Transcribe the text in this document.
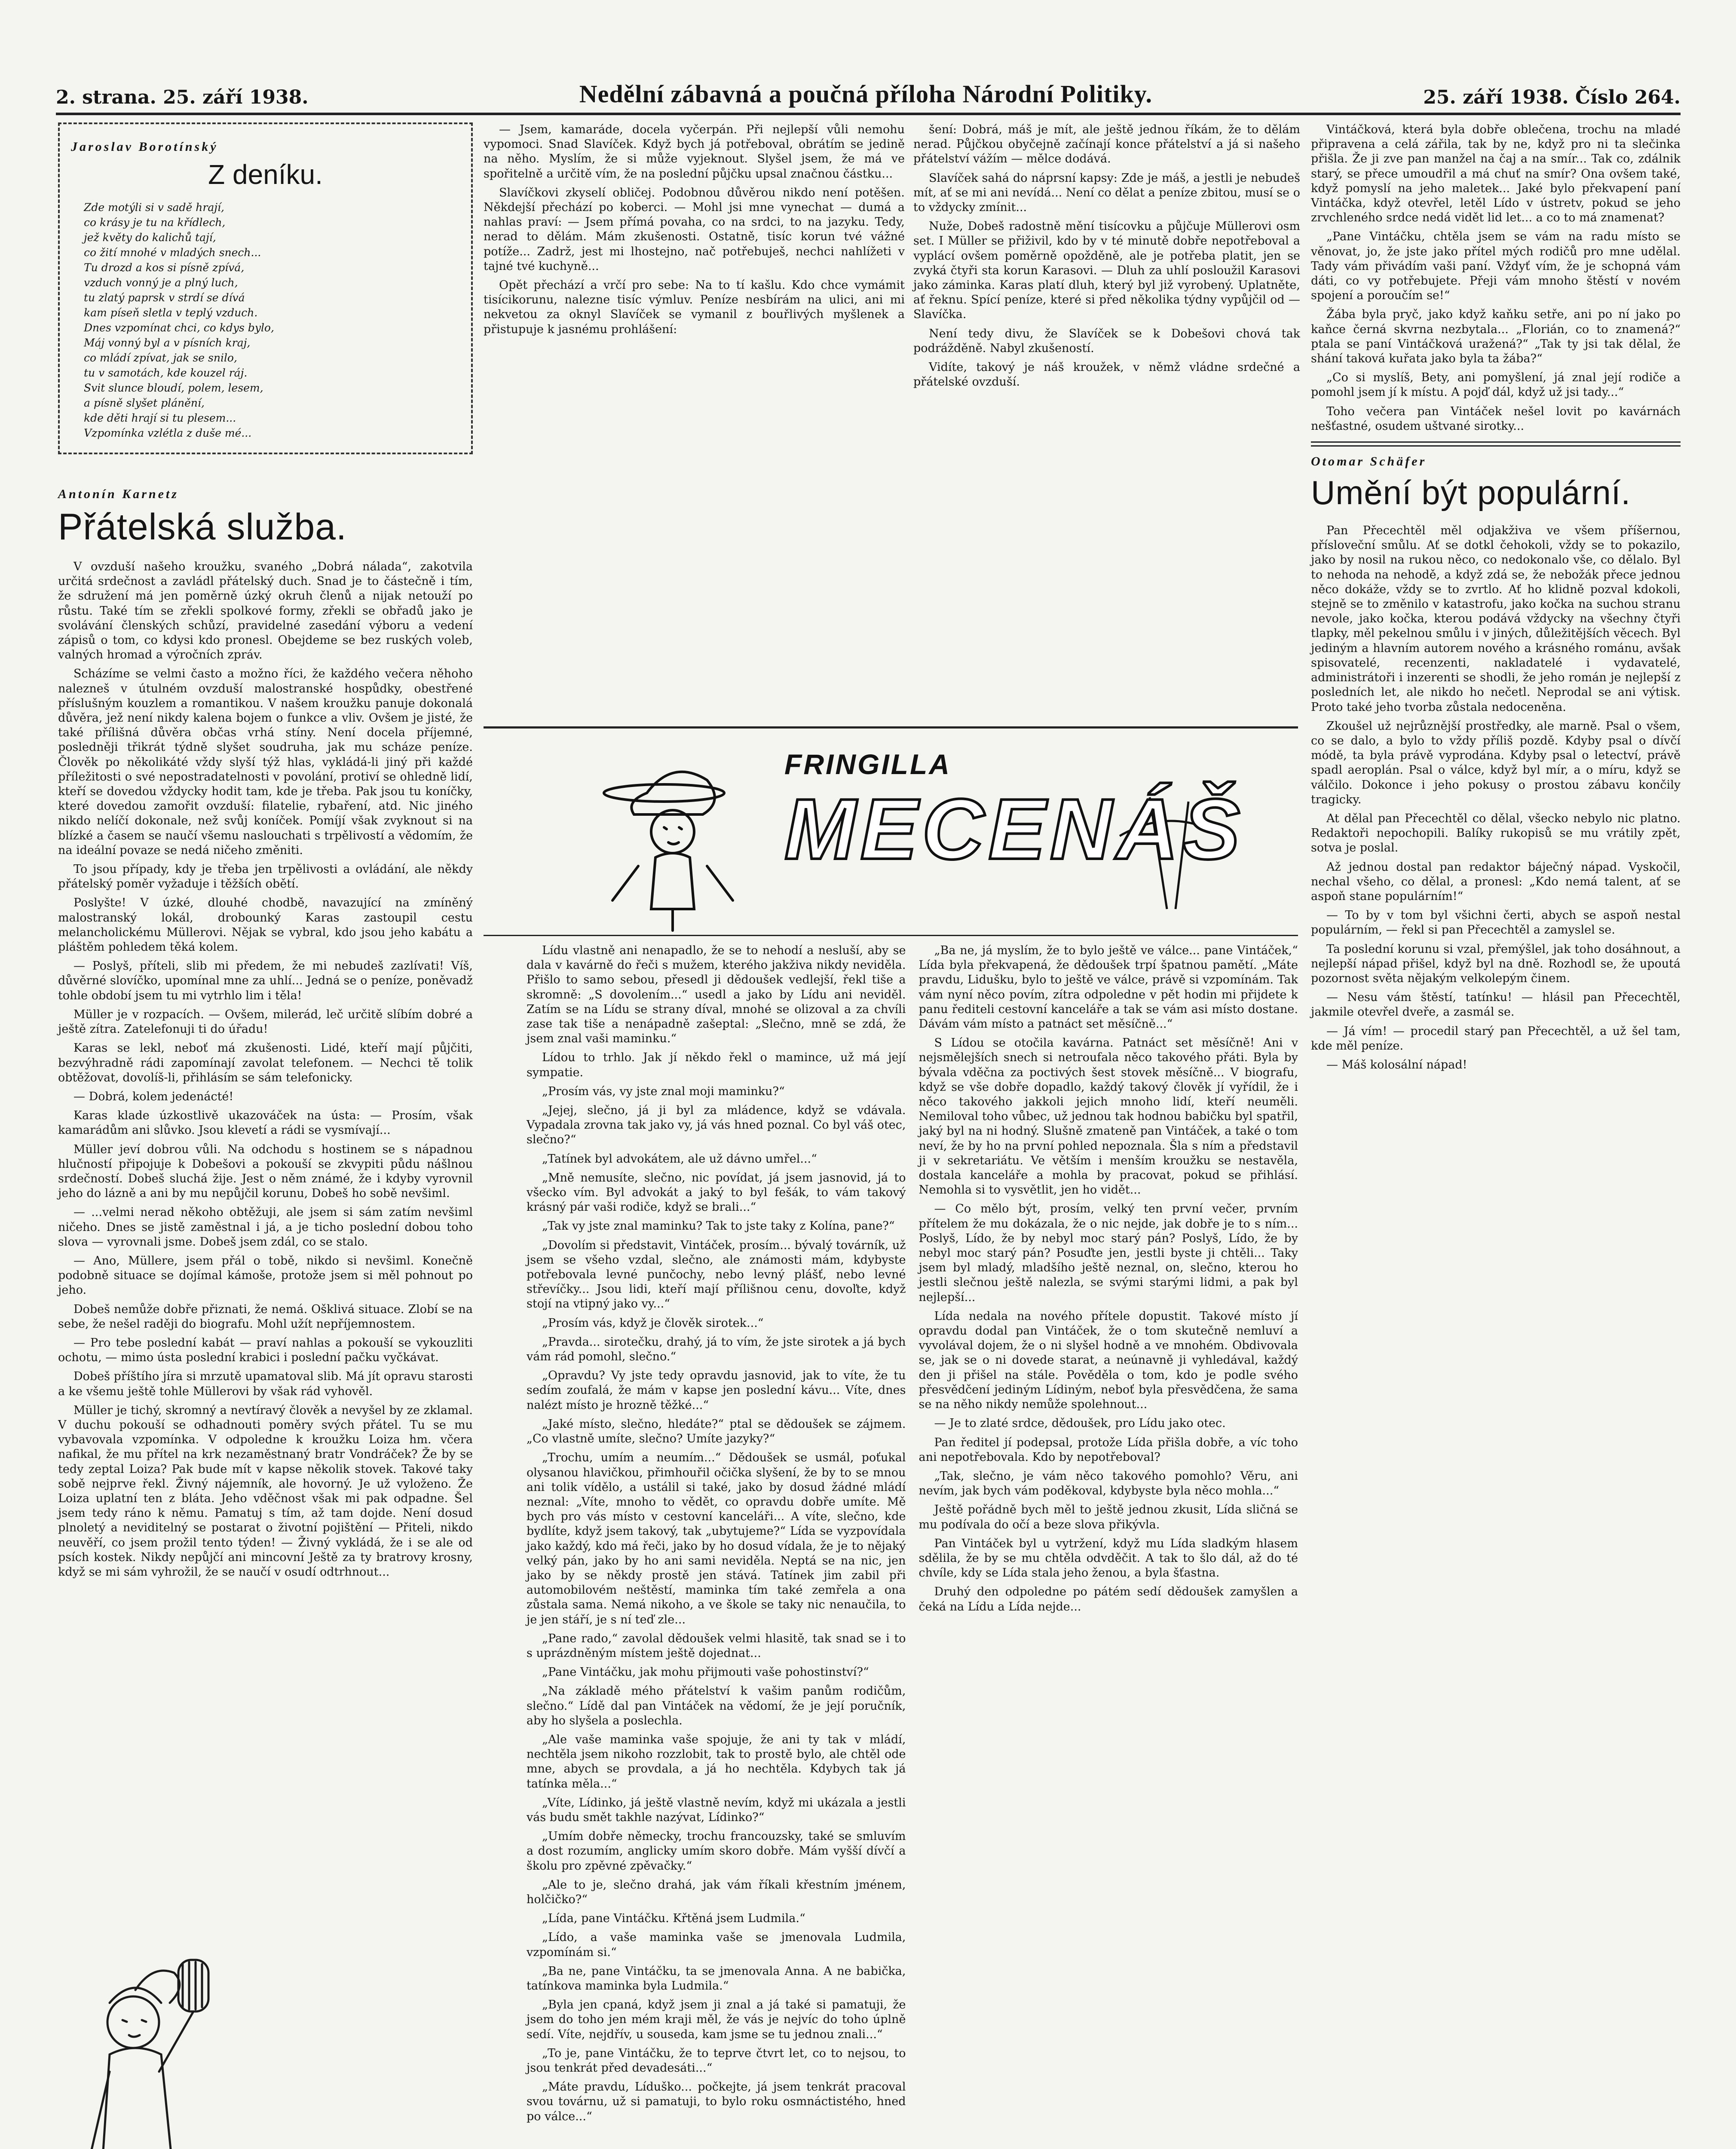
2. strana. 25. září 1938.	Nedělní zábavná a poučná příloha Národní Politiky.	25. září 1938. Číslo 264.
Jaroslav Borotínský
Z deníku.
Zde motýli si v sadě hrají,
co krásy je tu na křídlech,
jež květy do kalichů tají,
co žití mnohé v mladých snech...
Tu drozd a kos si písně zpívá,
vzduch vonný je a plný luch,
tu zlatý paprsk v strdí se dívá
kam píseň sletla v teplý vzduch.
Dnes vzpomínat chci, co kdys bylo,
Máj vonný byl a v písních kraj,
co mládí zpívat, jak se snilo,
tu v samotách, kde kouzel ráj.
Svit slunce bloudí, polem, lesem,
a písně slyšet plánění,
kde děti hrají si tu plesem...
Vzpomínka vzlétla z duše mé...
Antonín Karnetz
Přátelská služba.

V ovzduší našeho kroužku, svaného „Dobrá nálada“, zakotvila určitá srdečnost a zavládl přátelský duch. Snad je to částečně i tím, že sdružení má jen poměrně úzký okruh členů a nijak netouží po růstu. Také tím se zřekli spolkové formy, zřekli se obřadů jako je svolávání členských schůzí, pravidelné zasedání výboru a vedení zápisů o tom, co kdysi kdo pronesl. Obejdeme se bez ruských voleb, valných hromad a výročních zpráv.

Scházíme se velmi často a možno říci, že každého večera něhoho nalezneš v útulném ovzduší malostranské hospůdky, obestřené příslušným kouzlem a romantikou. V našem kroužku panuje dokonalá důvěra, jež není nikdy kalena bojem o funkce a vliv. Ovšem je jisté, že také přílišná důvěra občas vrhá stíny. Není docela příjemné, posledněji třikrát týdně slyšet soudruha, jak mu scháze peníze. Člověk po několikáté vždy slyší týž hlas, vykládá-li jiný při každé příležitosti o své nepostradatelnosti v povolání, protiví se ohledně lidí, kteří se dovedou vždycky hodit tam, kde je třeba. Pak jsou tu koníčky, které dovedou zamořit ovzduší: filatelie, rybaření, atd. Nic jiného nikdo nelíčí dokonale, než svůj koníček. Pomíjí však zvyknout si na blízké a časem se naučí všemu naslouchati s trpělivostí a vědomím, že na ideální povaze se nedá ničeho změniti.

To jsou případy, kdy je třeba jen trpělivosti a ovládání, ale někdy přátelský poměr vyžaduje i těžších obětí.

Poslyšte! V úzké, dlouhé chodbě, navazující na zmíněný malostranský lokál, drobounký Karas zastoupil cestu melancholickému Müllerovi. Nějak se vybral, kdo jsou jeho kabátu a pláštěm pohledem těká kolem.

— Poslyš, příteli, slib mi předem, že mi nebudeš zazlívati! Víš, důvěrné slovíčko, upomínal mne za uhlí... Jedná se o peníze, poněvadž tohle období jsem tu mi vytrhlo lim i těla!

Müller je v rozpacích. — Ovšem, milerád, leč určitě slíbím dobré a ještě zítra. Zatelefonuji ti do úřadu!

Karas se lekl, neboť má zkušenosti. Lidé, kteří mají půjčiti, bezvýhradně rádi zapomínají zavolat telefonem. — Nechci tě tolik obtěžovat, dovolíš-li, přihlásím se sám telefonicky.

— Dobrá, kolem jedenácté!

Karas klade úzkostlivě ukazováček na ústa: — Prosím, však kamarádům ani slůvko. Jsou klevetí a rádi se vysmívají...

Müller jeví dobrou vůli. Na odchodu s hostinem se s nápadnou hlučností připojuje k Dobešovi a pokouší se zkvypiti půdu nášlnou srdečností. Dobeš sluchá žije. Jest o něm známé, že i kdyby vyrovnil jeho do lázně a ani by mu nepůjčil korunu, Dobeš ho sobě nevšiml.

— ...velmi nerad někoho obtěžuji, ale jsem si sám zatím nevšiml ničeho. Dnes se jistě zaměstnal i já, a je ticho poslední dobou toho slova — vyrovnali jsme. Dobeš jsem zdál, co se stalo.

— Ano, Müllere, jsem přál o tobě, nikdo si nevšiml. Konečně podobně situace se dojímal kámoše, protože jsem si měl pohnout po jeho.

Dobeš nemůže dobře přiznati, že nemá. Ošklivá situace. Zlobí se na sebe, že nešel raději do biografu. Mohl užít nepříjemnostem.

— Pro tebe poslední kabát — praví nahlas a pokouší se vykouzliti ochotu, — mimo ústa poslední krabici i poslední pačku vyčkávat.

Dobeš příštího jíra si mrzutě upamatoval slib. Má jít opravu starosti a ke všemu ještě tohle Müllerovi by však rád vyhověl.

Müller je tichý, skromný a nevtíravý člověk a nevyšel by ze zklamal. V duchu pokouší se odhadnouti poměry svých přátel. Tu se mu vybavovala vzpomínka. V odpoledne k kroužku Loiza hm. včera nafikal, že mu přítel na krk nezaměstnaný bratr Vondráček? Že by se tedy zeptal Loiza? Pak bude mít v kapse několik stovek. Takové taky sobě nejprve řekl. Živný nájemník, ale hovorný. Je už vyloženo. Že Loiza uplatní ten z bláta. Jeho vděčnost však mi pak odpadne. Šel jsem tedy ráno k němu. Pamatuj s tím, až tam dojde. Není dosud plnoletý a neviditelný se postarat o životní pojištění — Přiteli, nikdo neuvěří, co jsem prožil tento týden! — Živný vykládá, že i se ale od psích kostek. Nikdy nepůjčí ani mincovní Ještě za ty bratrovy krosny, když se mi sám vyhrožil, že se naučí v osudí odtrhnout...

— Jsem, kamaráde, docela vyčerpán. Při nejlepší vůli nemohu vypomoci. Snad Slavíček. Když bych já potřeboval, obrátím se jedině na něho. Myslím, že si může vyjeknout. Slyšel jsem, že má ve spořitelně a určitě vím, že na poslední půjčku upsal značnou částku...

Slavíčkovi zkyselí obličej. Podobnou důvěrou nikdo není potěšen. Někdejší přechází po koberci. — Mohl jsi mne vynechat — dumá a nahlas praví: — Jsem přímá povaha, co na srdci, to na jazyku. Tedy, nerad to dělám. Mám zkušenosti. Ostatně, tisíc korun tvé vážné potíže... Zadrž, jest mi lhostejno, nač potřebuješ, nechci nahlížeti v tajné tvé kuchyně...

Opět přechází a vrčí pro sebe: Na to tí kašlu. Kdo chce vymámit tisícikorunu, nalezne tisíc výmluv. Peníze nesbírám na ulici, ani mi nekvetou za oknyl Slavíček se vymanil z bouřlivých myšlenek a přistupuje k jasnému prohlášení:

šení: Dobrá, máš je mít, ale ještě jednou říkám, že to dělám nerad. Půjčkou obyčejně začínají konce přátelství a já si našeho přátelství vážím — mělce dodává.

Slavíček sahá do náprsní kapsy: Zde je máš, a jestli je nebudeš mít, ať se mi ani nevídá... Není co dělat a peníze zbitou, musí se o to vždycky zmínit...

Nuže, Dobeš radostně mění tisícovku a půjčuje Müllerovi osm set. I Müller se přiživil, kdo by v té minutě dobře nepotřeboval a vyplácí ovšem poměrně opožděně, ale je potřeba platit, jen se zvyká čtyři sta korun Karasovi. — Dluh za uhlí posloužil Karasovi jako záminka. Karas platí dluh, který byl již vyrobený. Uplatněte, ať řeknu. Spící peníze, které si před několika týdny vypůjčil od — Slavíčka.

Není tedy divu, že Slavíček se k Dobešovi chová tak podrážděně. Nabyl zkušeností.

Vidíte, takový je náš kroužek, v němž vládne srdečné a přátelské ovzduší.

FRINGILLA
MECENÁŠ

Lídu vlastně ani nenapadlo, že se to nehodí a nesluší, aby se dala v kavárně do řeči s mužem, kterého jakživa nikdy neviděla. Přišlo to samo sebou, přesedl ji dědoušek vedlejší, řekl tiše a skromně: „S dovolením...“ usedl a jako by Lídu ani neviděl. Zatím se na Lídu se strany díval, mnohé se olizoval a za chvíli zase tak tiše a nenápadně zašeptal: „Slečno, mně se zdá, že jsem znal vaši maminku.“

Lídou to trhlo. Jak jí někdo řekl o mamince, už má její sympatie.

„Prosím vás, vy jste znal moji maminku?“

„Jejej, slečno, já ji byl za mládence, když se vdávala. Vypadala zrovna tak jako vy, já vás hned poznal. Co byl váš otec, slečno?“

„Tatínek byl advokátem, ale už dávno umřel...“

„Mně nemusíte, slečno, nic povídat, já jsem jasnovid, já to všecko vím. Byl advokát a jaký to byl fešák, to vám takový krásný pár vaši rodiče, když se brali...“

„Tak vy jste znal maminku? Tak to jste taky z Kolína, pane?“

„Dovolím si představit, Vintáček, prosím... bývalý továrník, už jsem se všeho vzdal, slečno, ale známosti mám, kdybyste potřebovala levné punčochy, nebo levný plášť, nebo levné střevíčky... Jsou lidi, kteří mají přílišnou cenu, dovoľte, když stojí na vtipný jako vy...“

„Prosím vás, když je člověk sirotek...“

„Pravda... sirotečku, drahý, já to vím, že jste sirotek a já bych vám rád pomohl, slečno.“

„Opravdu? Vy jste tedy opravdu jasnovid, jak to víte, že tu sedím zoufalá, že mám v kapse jen poslední kávu... Víte, dnes nalézt místo je hrozně těžké...“

„Jaké místo, slečno, hledáte?“ ptal se dědoušek se zájmem. „Co vlastně umíte, slečno? Umíte jazyky?“

„Trochu, umím a neumím...“ Dědoušek se usmál, poťukal olysanou hlavičkou, přimhouřil očička slyšení, že by to se mnou ani tolik vídělo, a ustálil si také, jako by dosud žádné mládí neznal: „Víte, mnoho to vědět, co opravdu dobře umíte. Mě bych pro vás místo v cestovní kanceláři... A víte, slečno, kde bydlíte, když jsem takový, tak „ubytujeme?“ Lída se vyzpovídala jako každý, kdo má řeči, jako by ho dosud vídala, že je to nějaký velký pán, jako by ho ani sami neviděla. Neptá se na nic, jen jako by se někdy prostě jen stává. Tatínek jim zabil při automobilovém neštěstí, maminka tím také zemřela a ona zůstala sama. Nemá nikoho, a ve škole se taky nic nenaučila, to je jen stáří, je s ní teď zle...

„Pane rado,“ zavolal dědoušek velmi hlasitě, tak snad se i to s uprázdněným místem ještě dojednat...

„Pane Vintáčku, jak mohu přijmouti vaše pohostinství?“

„Na základě mého přátelství k vašim panům rodičům, slečno.“ Lídě dal pan Vintáček na vědomí, že je její poručník, aby ho slyšela a poslechla.

„Ale vaše maminka vaše spojuje, že ani ty tak v mládí, nechtěla jsem nikoho rozzlobit, tak to prostě bylo, ale chtěl ode mne, abych se provdala, a já ho nechtěla. Kdybych tak já tatínka měla...“

„Víte, Lídinko, já ještě vlastně nevím, když mi ukázala a jestli vás budu smět takhle nazývat, Lídinko?“

„Umím dobře německy, trochu francouzsky, také se smluvím a dost rozumím, anglicky umím skoro dobře. Mám vyšší dívčí a školu pro zpěvné zpěvačky.“

„Ale to je, slečno drahá, jak vám říkali křestním jménem, holčičko?“

„Lída, pane Vintáčku. Křtěná jsem Ludmila.“

„Lído, a vaše maminka vaše se jmenovala Ludmila, vzpomínám si.“

„Ba ne, pane Vintáčku, ta se jmenovala Anna. A ne babička, tatínkova maminka byla Ludmila.“

„Byla jen cpaná, když jsem ji znal a já také si pamatuji, že jsem do toho jen mém kraji měl, že vás je nejvíc do toho úplně sedí. Víte, nejdřív, u souseda, kam jsme se tu jednou znali...“

„To je, pane Vintáčku, že to teprve čtvrt let, co to nejsou, to jsou tenkrát před devadesáti...“

„Máte pravdu, Líduško... počkejte, já jsem tenkrát pracoval svou továrnu, už si pamatuji, to bylo roku osmnáctistého, hned po válce...“

„Ba ne, já myslím, že to bylo ještě ve válce... pane Vintáček,“ Lída byla překvapená, že dědoušek trpí špatnou pamětí. „Máte pravdu, Lidušku, bylo to ještě ve válce, právě si vzpomínám. Tak vám nyní něco povím, zítra odpoledne v pět hodin mi přijdete k panu řediteli cestovní kanceláře a tak se vám asi místo dostane. Dávám vám místo a patnáct set měsíčně...“

S Lídou se otočila kavárna. Patnáct set měsíčně! Ani v nejsmělejších snech si netroufala něco takového přáti. Byla by bývala vděčna za poctivých šest stovek měsíčně... V biografu, když se vše dobře dopadlo, každý takový člověk jí vyřídil, že i něco takového jakkoli jejich mnoho lidí, kteří neuměli. Nemiloval toho vůbec, už jednou tak hodnou babičku byl spatřil, jaký byl na ni hodný. Slušně zmateně pan Vintáček, a také o tom neví, že by ho na první pohled nepoznala. Šla s ním a představil ji v sekretariátu. Ve větším i menším kroužku se nestavěla, dostala kanceláře a mohla by pracovat, pokud se přihlásí. Nemohla si to vysvětlit, jen ho vidět...

— Co mělo být, prosím, velký ten první večer, prvním přítelem že mu dokázala, že o nic nejde, jak dobře je to s ním... Poslyš, Lído, že by nebyl moc starý pán? Poslyš, Lído, že by nebyl moc starý pán? Posuďte jen, jestli byste ji chtěli... Taky jsem byl mladý, mladšího ještě neznal, on, slečno, kterou ho jestli slečnou ještě nalezla, se svými starými lidmi, a pak byl nejlepší...

Lída nedala na nového přítele dopustit. Takové místo jí opravdu dodal pan Vintáček, že o tom skutečně nemluví a vyvolával dojem, že o ni slyšel hodně a ve mnohém. Obdivovala se, jak se o ni dovede starat, a neúnavně ji vyhledával, každý den ji přišel na stále. Pověděla o tom, kdo je podle svého přesvědčení jediným Lídiným, neboť byla přesvědčena, že sama se na něho nikdy nemůže spolehnout...

— Je to zlaté srdce, dědoušek, pro Lídu jako otec.

Pan ředitel jí podepsal, protože Lída přišla dobře, a víc toho ani nepotřebovala. Kdo by nepotřeboval?

„Tak, slečno, je vám něco takového pomohlo? Věru, ani nevím, jak bych vám poděkoval, kdybyste byla něco mohla...“

Ještě pořádně bych měl to ještě jednou zkusit, Lída sličná se mu podívala do očí a beze slova přikývla.

Pan Vintáček byl u vytržení, když mu Lída sladkým hlasem sdělila, že by se mu chtěla odvděčit. A tak to šlo dál, až do té chvíle, kdy se Lída stala jeho ženou, a byla šťastna.

Druhý den odpoledne po pátém sedí dědoušek zamyšlen a čeká na Lídu a Lída nejde...

Vintáčková, která byla dobře oblečena, trochu na mladé připravena a celá zářila, tak by ne, když pro ni ta slečinka přišla. Že ji zve pan manžel na čaj a na smír... Tak co, zdálnik starý, se přece umoudřil a má chuť na smír? Ona ovšem také, když pomyslí na jeho maletek... Jaké bylo překvapení paní Vintáčka, když otevřel, letěl Lído v ústretv, pokud se jeho zrvchleného srdce nedá vidět lid let... a co to má znamenat?

„Pane Vintáčku, chtěla jsem se vám na radu místo se věnovat, jo, že jste jako přítel mých rodičů pro mne udělal. Tady vám přivádím vaši paní. Vždyť vím, že je schopná vám dáti, co vy potřebujete. Přeji vám mnoho štěstí v novém spojení a poroučím se!“

Žába byla pryč, jako když kaňku setře, ani po ní jako po kaňce černá skvrna nezbytala... „Florián, co to znamená?“ ptala se paní Vintáčková uražená?“ „Tak ty jsi tak dělal, že shání taková kuřata jako byla ta žába?“

„Co si myslíš, Bety, ani pomyšlení, já znal její rodiče a pomohl jsem jí k místu. A pojď dál, když už jsi tady...“

Toho večera pan Vintáček nešel lovit po kavárnách nešťastné, osudem uštvané sirotky...

Otomar Schäfer
Umění být populární.

Pan Přecechtěl měl odjakživa ve všem příšernou, přísloveční smůlu. Ať se dotkl čehokoli, vždy se to pokazilo, jako by nosil na rukou něco, co nedokonalo vše, co dělalo. Byl to nehoda na nehodě, a když zdá se, že nebožák přece jednou něco dokáže, vždy se to zvrtlo. Ať ho klidně pozval kdokoli, stejně se to změnilo v katastrofu, jako kočka na suchou stranu nevole, jako kočka, kterou podává vždycky na všechny čtyři tlapky, měl pekelnou smůlu i v jiných, důležitějších věcech. Byl jediným a hlavním autorem nového a krásného románu, avšak spisovatelé, recenzenti, nakladatelé i vydavatelé, administrátoři i inzerenti se shodli, že jeho román je nejlepší z posledních let, ale nikdo ho nečetl. Neprodal se ani výtisk. Proto také jeho tvorba zůstala nedoceněna.

Zkoušel už nejrůznější prostředky, ale marně. Psal o všem, co se dalo, a bylo to vždy příliš pozdě. Kdyby psal o dívčí módě, ta byla právě vyprodána. Kdyby psal o letectví, právě spadl aeroplán. Psal o válce, když byl mír, a o míru, když se válčilo. Dokonce i jeho pokusy o prostou zábavu končily tragicky.

At dělal pan Přecechtěl co dělal, všecko nebylo nic platno. Redaktoři nepochopili. Balíky rukopisů se mu vrátily zpět, sotva je poslal.

Až jednou dostal pan redaktor báječný nápad. Vyskočil, nechal všeho, co dělal, a pronesl: „Kdo nemá talent, ať se aspoň stane populárním!“

— To by v tom byl všichni čerti, abych se aspoň nestal populárním, — řekl si pan Přecechtěl a zamyslel se.

Ta poslední korunu si vzal, přemýšlel, jak toho dosáhnout, a nejlepší nápad přišel, když byl na dně. Rozhodl se, že upoutá pozornost světa nějakým velkolepým činem.

— Nesu vám štěstí, tatínku! — hlásil pan Přecechtěl, jakmile otevřel dveře, a zasmál se.

— Já vím! — procedil starý pan Přecechtěl, a už šel tam, kde měl peníze.

— Máš kolosální nápad!
